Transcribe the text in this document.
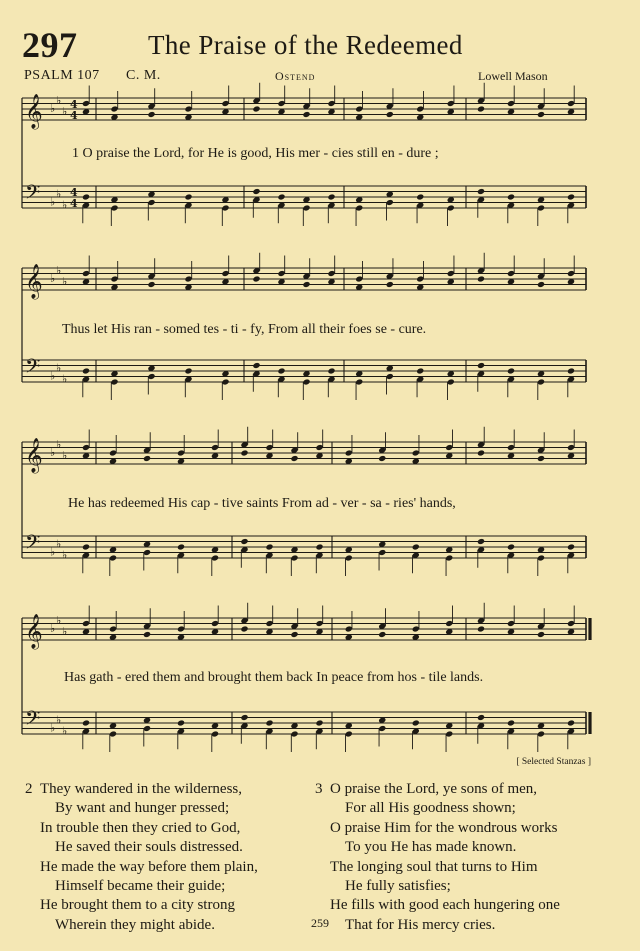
297	The Praise of the Redeemed
PSALM 107 C. M.	Ostend	Lowell Mason
𝄞 ♭
♭
♭
4
4
𝄢 ♭
♭
♭
4
4
𝄞 ♭
♭
♭
𝄢 ♭
♭
♭
𝄞 ♭
♭
♭
𝄢 ♭
♭
♭
𝄞 ♭
♭
♭
𝄢 ♭
♭
♭
1 O praise the Lord, for He is good, His mer - cies still en - dure ;
Thus let His ran - somed tes - ti - fy, From all their foes se - cure.
He has redeemed His cap - tive saints From ad - ver - sa - ries' hands,
Has gath - ered them and brought them back In peace from hos - tile lands.
[ Selected Stanzas ]
2 They wandered in the wilderness,
By want and hunger pressed;
In trouble then they cried to God,
He saved their souls distressed.
He made the way before them plain,
Himself became their guide;
He brought them to a city strong
Wherein they might abide.
3 O praise the Lord, ye sons of men,
For all His goodness shown;
O praise Him for the wondrous works
To you He has made known.
The longing soul that turns to Him
He fully satisfies;
He fills with good each hungering one
That for His mercy cries.
259
